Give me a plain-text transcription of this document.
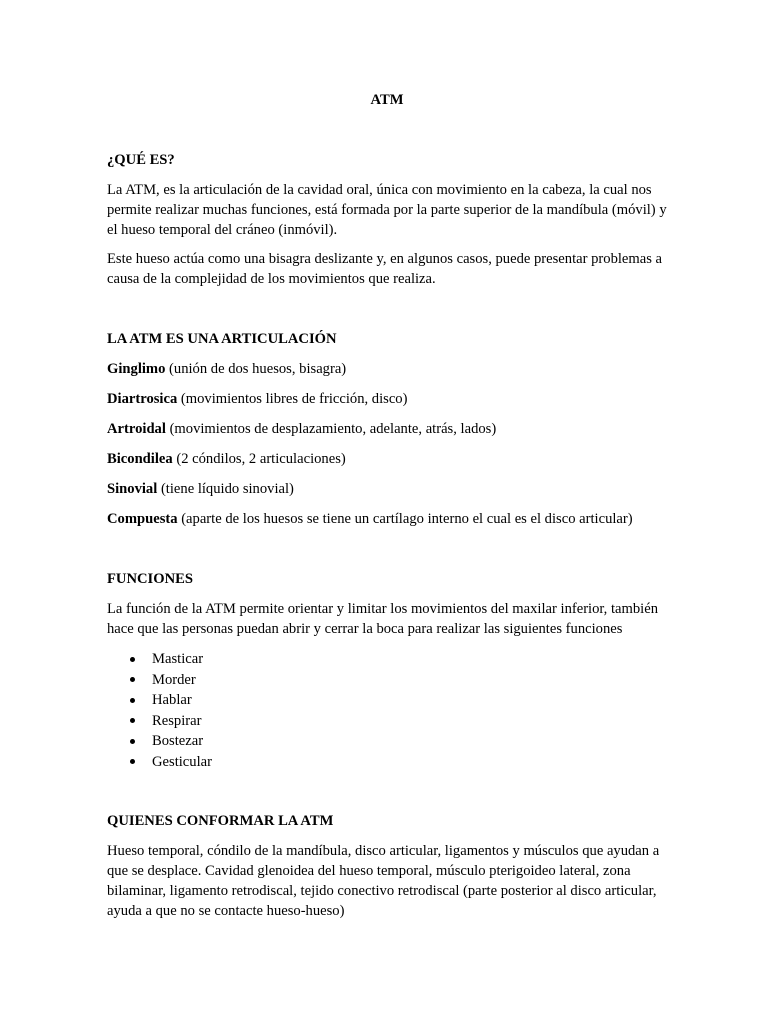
ATM
¿QUÉ ES?

La ATM, es la articulación de la cavidad oral, única con movimiento en la cabeza, la cual nos permite realizar muchas funciones, está formada por la parte superior de la mandíbula (móvil) y el hueso temporal del cráneo (inmóvil).

Este hueso actúa como una bisagra deslizante y, en algunos casos, puede presentar problemas a causa de la complejidad de los movimientos que realiza.

LA ATM ES UNA ARTICULACIÓN

Ginglimo (unión de dos huesos, bisagra)

Diartrosica (movimientos libres de fricción, disco)

Artroidal (movimientos de desplazamiento, adelante, atrás, lados)

Bicondilea (2 cóndilos, 2 articulaciones)

Sinovial (tiene líquido sinovial)

Compuesta (aparte de los huesos se tiene un cartílago interno el cual es el disco articular)

FUNCIONES

La función de la ATM permite orientar y limitar los movimientos del maxilar inferior, también hace que las personas puedan abrir y cerrar la boca para realizar las siguientes funciones

Masticar
Morder
Hablar
Respirar
Bostezar
Gesticular
QUIENES CONFORMAR LA ATM

Hueso temporal, cóndilo de la mandíbula, disco articular, ligamentos y músculos que ayudan a que se desplace. Cavidad glenoidea del hueso temporal, músculo pterigoideo lateral, zona bilaminar, ligamento retrodiscal, tejido conectivo retrodiscal (parte posterior al disco articular, ayuda a que no se contacte hueso-hueso)
